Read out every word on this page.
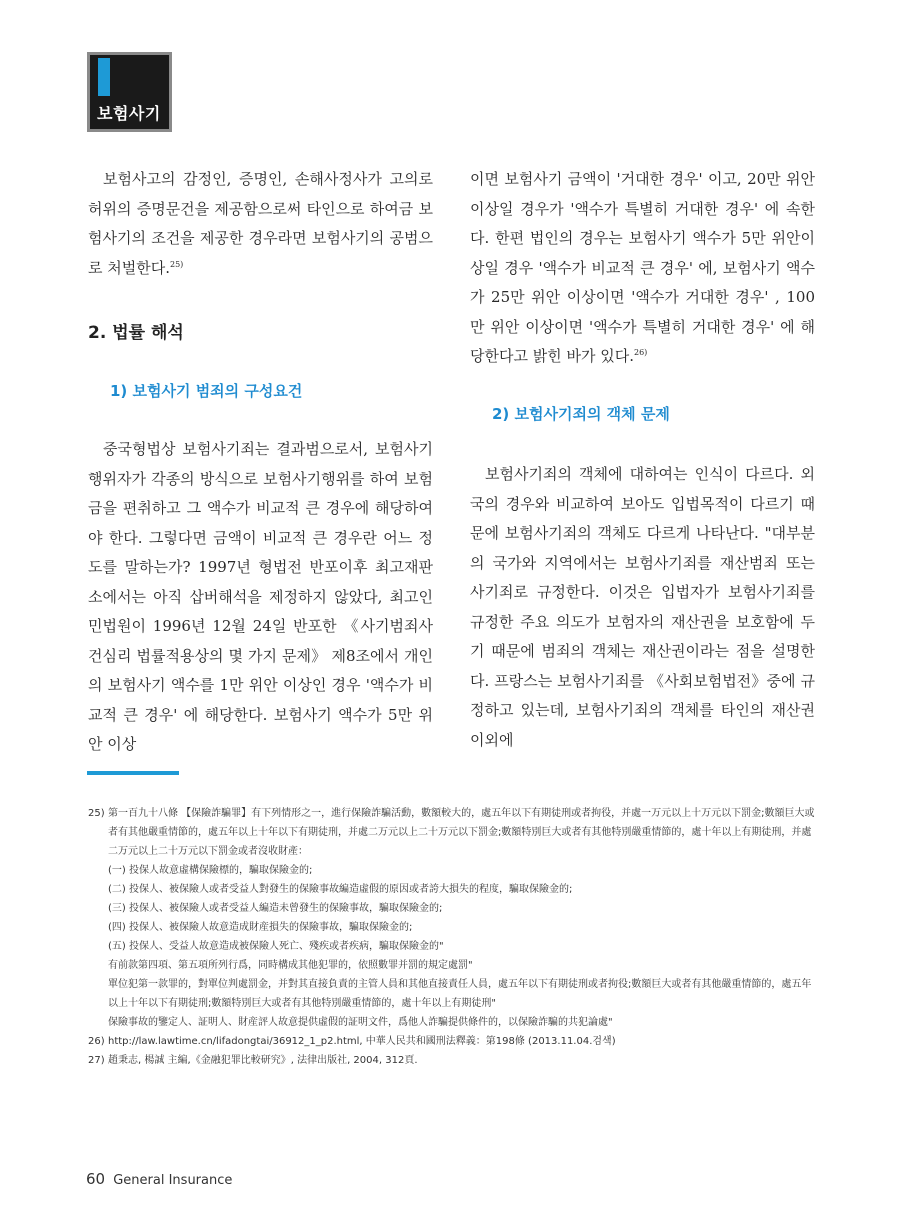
보험사기

보험사고의 감정인, 증명인, 손해사정사가 고의로 허위의 증명문건을 제공함으로써 타인으로 하여금 보험사기의 조건을 제공한 경우라면 보험사기의 공범으로 처벌한다.$^{25)}$

2. 법률 해석

1) 보험사기 범죄의 구성요건

중국형법상 보험사기죄는 결과범으로서, 보험사기 행위자가 각종의 방식으로 보험사기행위를 하여 보험금을 편취하고 그 액수가 비교적 큰 경우에 해당하여야 한다. 그렇다면 금액이 비교적 큰 경우란 어느 정도를 말하는가? 1997년 형법전 반포이후 최고재판소에서는 아직 삽버해석을 제정하지 않았다, 최고인민법원이 1996년 12월 24일 반포한 《사기범죄사건심리 법률적용상의 몇 가지 문제》 제8조에서 개인의 보험사기 액수를 1만 위안 이상인 경우 '액수가 비교적 큰 경우' 에 해당한다. 보험사기 액수가 5만 위안 이상

이면 보험사기 금액이 '거대한 경우' 이고, 20만 위안 이상일 경우가 '액수가 특별히 거대한 경우' 에 속한다. 한편 법인의 경우는 보험사기 액수가 5만 위안이상일 경우 '액수가 비교적 큰 경우' 에, 보험사기 액수가 25만 위안 이상이면 '액수가 거대한 경우' , 100만 위안 이상이면 '액수가 특별히 거대한 경우' 에 해당한다고 밝힌 바가 있다.$^{26)}$

2) 보험사기죄의 객체 문제

보험사기죄의 객체에 대하여는 인식이 다르다. 외국의 경우와 비교하여 보아도 입법목적이 다르기 때문에 보험사기죄의 객체도 다르게 나타난다. "대부분의 국가와 지역에서는 보험사기죄를 재산범죄 또는 사기죄로 규정한다. 이것은 입법자가 보험사기죄를 규정한 주요 의도가 보험자의 재산권을 보호함에 두기 때문에 범죄의 객체는 재산권이라는 점을 설명한다. 프랑스는 보험사기죄를 《사회보험법전》중에 규정하고 있는데, 보험사기죄의 객체를 타인의 재산권 이외에

25) 第一百九十八條 【保險詐騙罪】有下列情形之一，進行保險詐騙活動，數額較大的，處五年以下有期徒刑或者拘役，并處一万元以上十万元以下罰金;數額巨大或者有其他嚴重情節的，處五年以上十年以下有期徒刑，并處二万元以上二十万元以下罰金;數額特別巨大或者有其他特別嚴重情節的，處十年以上有期徒刑，并處二万元以上二十万元以下罰金或者沒收財產：
(一) 投保人故意虛構保險標的，騙取保險金的;
(二) 投保人、被保險人或者受益人對發生的保險事故編造虛假的原因或者誇大損失的程度，騙取保險金的;
(三) 投保人、被保險人或者受益人編造未曾發生的保險事故，騙取保險金的;
(四) 投保人、被保險人故意造成財産損失的保險事故，騙取保險金的;
(五) 投保人、受益人故意造成被保險人死亡、殘疾或者疾病，騙取保險金的"
有前款第四項、第五項所列行爲，同時構成其他犯罪的，依照數罪并罰的規定處罰"
單位犯第一款罪的，對單位判處罰金，并對其直接負責的主管人員和其他直接責任人員，處五年以下有期徒刑或者拘役;數額巨大或者有其他嚴重情節的，處五年以上十年以下有期徒刑;數額特別巨大或者有其他特別嚴重情節的，處十年以上有期徒刑"
保險事故的鑒定人、証明人、財産評人故意提供虛假的証明文件，爲他人詐騙提供條件的，以保險詐騙的共犯論處"
26) http://law.lawtime.cn/lifadongtai/36912_1_p2.html, 中華人民共和國刑法釋義：第198條 (2013.11.04.검색)
27) 趙秉志, 楊誠 主編,《金融犯罪比較研究》, 法律出版社, 2004, 312頁.
60 General Insurance
